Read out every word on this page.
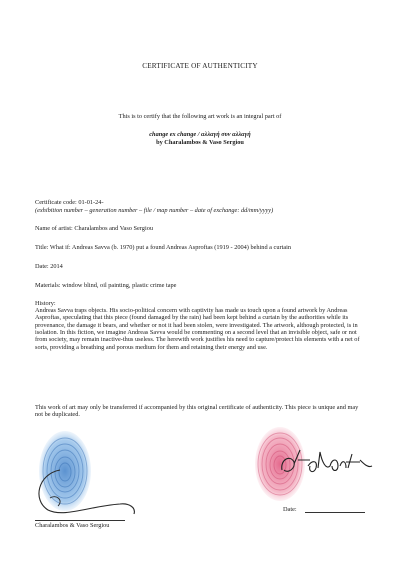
CERTIFICATE OF AUTHENTICITY
This is to certify that the following art work is an integral part of
change ex change / αλλαγή συν αλλαγή
by Charalambos & Vaso Sergiou
Certificate code: 01-01-24-
(exhibition number – generation number – file / map number – date of exchange: dd/mm/yyyy)
Name of artist: Charalambos and Vaso Sergiou
Title: What if: Andreas Savva (b. 1970) put a found Andreas Asproftas (1919 - 2004) behind a curtain
Date: 2014
Materials: window blind, oil painting, plastic crime tape
History:
Andreas Savva traps objects. His socio-political concern with captivity has made us touch upon a found artwork by Andreas Asproftas, speculating that this piece (found damaged by the rain) had been kept behind a curtain by the authorities while its provenance, the damage it bears, and whether or not it had been stolen, were investigated. The artwork, although protected, is in isolation. In this fiction, we imagine Andreas Savva would be commenting on a second level that an invisible object, safe or not from society, may remain inactive-thus useless. The herewith work justifies his need to capture/protect his elements with a net of sorts, providing a breathing and porous medium for them and retaining their energy and use.
This work of art may only be transferred if accompanied by this original certificate of authenticity. This piece is unique and may not be duplicated.
Stadioutis
Charalambos & Vaso Sergiou
Date:
